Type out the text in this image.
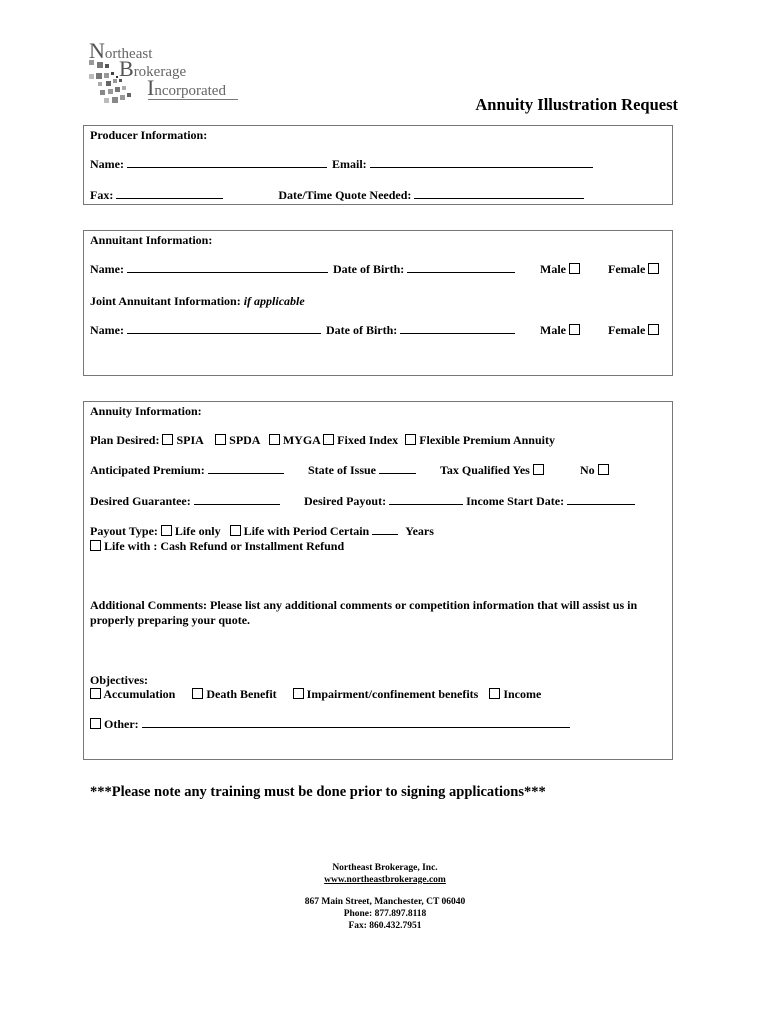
Northeast
Brokerage
Incorporated
Annuity Illustration Request
Producer Information:
Name:	Email:
Fax:	Date/Time Quote Needed:
Annuitant Information:
Name:	Date of Birth:	Male	Female
Joint Annuitant Information: if applicable
Name:	Date of Birth:	Male	Female
Annuity Information:
Plan Desired: SPIA SPDA MYGA Fixed Index Flexible Premium Annuity
Anticipated Premium:	State of Issue	Tax Qualified Yes	No
Desired Guarantee:	Desired Payout:	Income Start Date:
Payout Type: Life only Life with Period Certain	Years
Life with : Cash Refund or Installment Refund
Additional Comments: Please list any additional comments or competition information that will assist us in
properly preparing your quote.
Objectives:
Accumulation	Death Benefit	Impairment/confinement benefits Income
Other:
***Please note any training must be done prior to signing applications***
Northeast Brokerage, Inc.
www.northeastbrokerage.com
867 Main Street, Manchester, CT 06040
Phone: 877.897.8118
Fax: 860.432.7951
